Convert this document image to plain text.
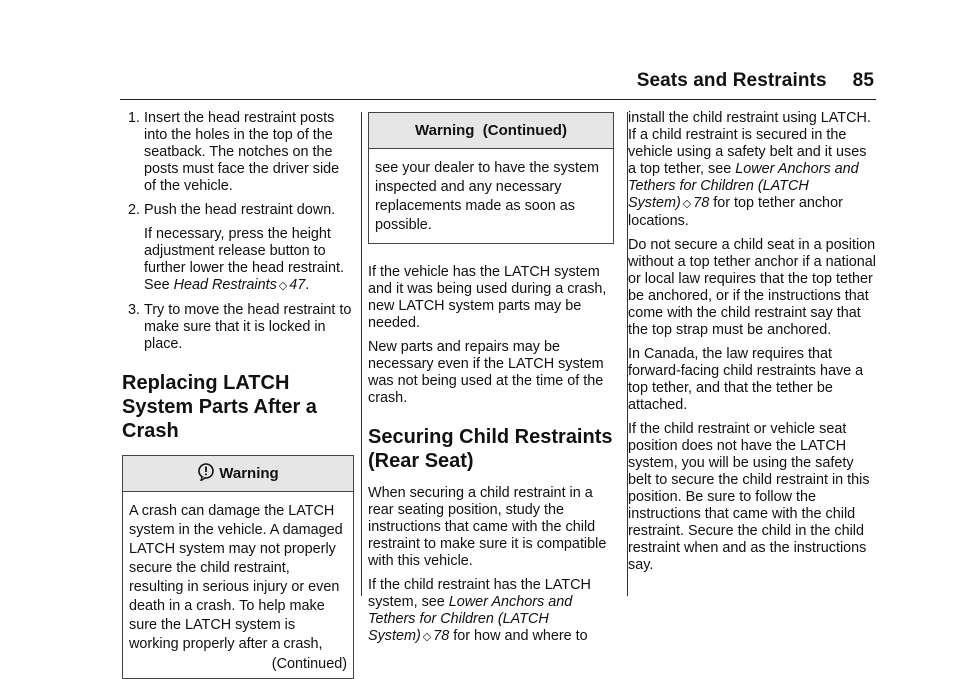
Seats and Restraints 85
1. Insert the head restraint posts into the holes in the top of the seatback. The notches on the posts must face the driver side of the vehicle.
2. Push the head restraint down.

If necessary, press the height adjustment release button to further lower the head restraint. See Head Restraints ◇ 47.

3. Try to move the head restraint to make sure that it is locked in place.
Replacing LATCH System Parts After a Crash
Warning
A crash can damage the LATCH system in the vehicle. A damaged LATCH system may not properly secure the child restraint, resulting in serious injury or even death in a crash. To help make sure the LATCH system is working properly after a crash,
(Continued)
Warning  (Continued)
see your dealer to have the system inspected and any necessary replacements made as soon as possible.

If the vehicle has the LATCH system and it was being used during a crash, new LATCH system parts may be needed.

New parts and repairs may be necessary even if the LATCH system was not being used at the time of the crash.

Securing Child Restraints (Rear Seat)

When securing a child restraint in a rear seating position, study the instructions that came with the child restraint to make sure it is compatible with this vehicle.

If the child restraint has the LATCH system, see Lower Anchors and Tethers for Children (LATCH System) ◇ 78 for how and where to

install the child restraint using LATCH. If a child restraint is secured in the vehicle using a safety belt and it uses a top tether, see Lower Anchors and Tethers for Children (LATCH System) ◇ 78 for top tether anchor locations.

Do not secure a child seat in a position without a top tether anchor if a national or local law requires that the top tether be anchored, or if the instructions that come with the child restraint say that the top strap must be anchored.

In Canada, the law requires that forward-facing child restraints have a top tether, and that the tether be attached.

If the child restraint or vehicle seat position does not have the LATCH system, you will be using the safety belt to secure the child restraint in this position. Be sure to follow the instructions that came with the child restraint. Secure the child in the child restraint when and as the instructions say.
